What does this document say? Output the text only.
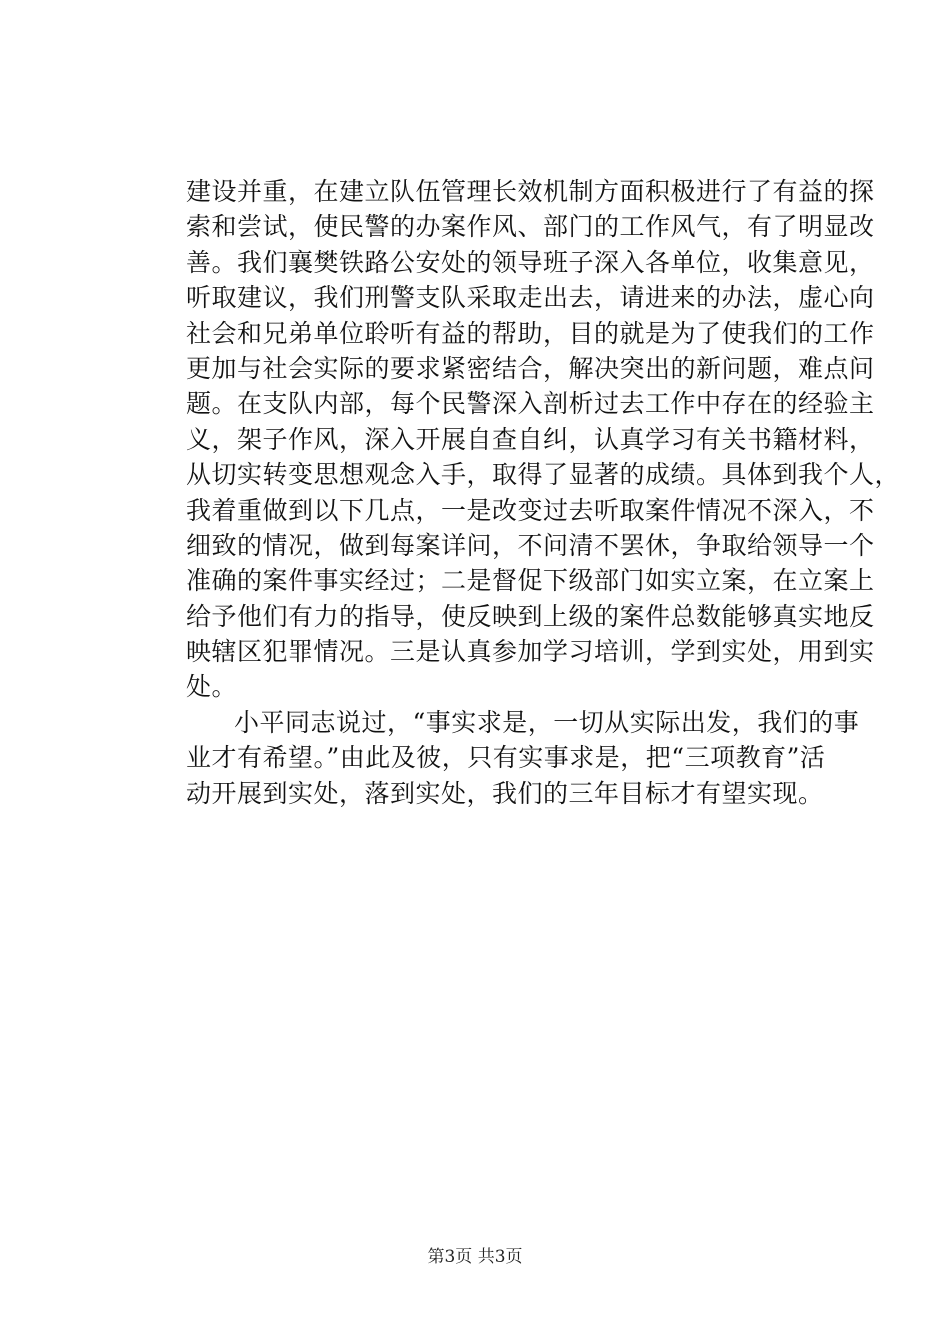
建设并重，在建立队伍管理长效机制方面积极进行了有益的探
索和尝试，使民警的办案作风、部门的工作风气，有了明显改
善。我们襄樊铁路公安处的领导班子深入各单位，收集意见，
听取建议，我们刑警支队采取走出去，请进来的办法，虚心向
社会和兄弟单位聆听有益的帮助，目的就是为了使我们的工作
更加与社会实际的要求紧密结合，解决突出的新问题，难点问
题。在支队内部，每个民警深入剖析过去工作中存在的经验主
义，架子作风，深入开展自查自纠，认真学习有关书籍材料，
从切实转变思想观念入手，取得了显著的成绩。具体到我个人，
我着重做到以下几点，一是改变过去听取案件情况不深入，不
细致的情况，做到每案详问，不问清不罢休，争取给领导一个
准确的案件事实经过；二是督促下级部门如实立案，在立案上
给予他们有力的指导，使反映到上级的案件总数能够真实地反
映辖区犯罪情况。三是认真参加学习培训，学到实处，用到实
处。
小平同志说过，“事实求是，一切从实际出发，我们的事
业才有希望。”由此及彼，只有实事求是，把“三项教育”活
动开展到实处，落到实处，我们的三年目标才有望实现。
第3页 共3页
